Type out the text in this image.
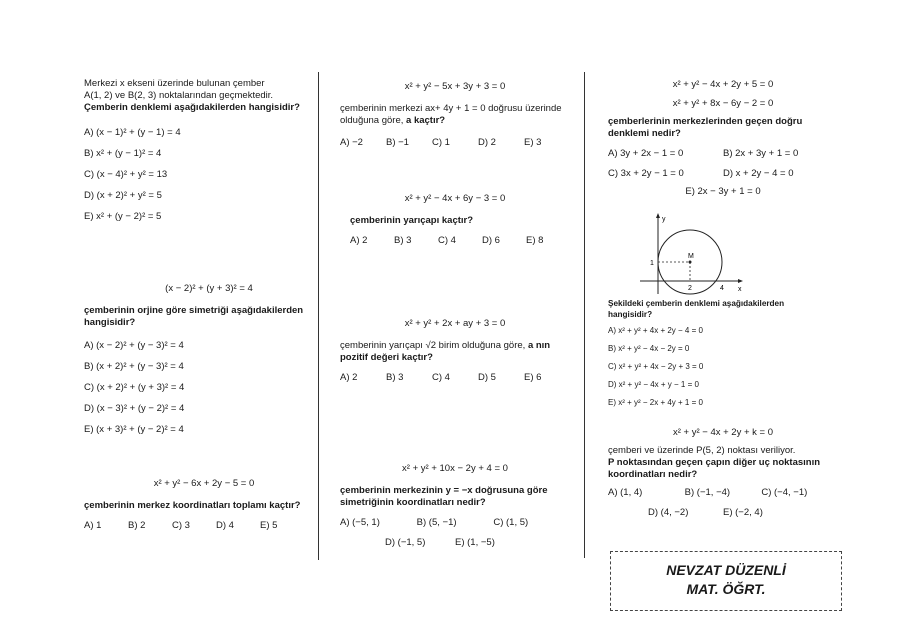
Merkezi x ekseni üzerinde bulunan çember
A(1, 2) ve B(2, 3) noktalarından geçmektedir.
Çemberin denklemi aşağıdakilerden hangisidir?
A) (x − 1)² + (y − 1) = 4
B) x² + (y − 1)² = 4
C) (x − 4)² + y² = 13
D) (x + 2)² + y² = 5
E) x² + (y − 2)² = 5
(x − 2)² + (y + 3)² = 4
çemberinin orjine göre simetriği aşağıdakilerden hangisidir?
A) (x − 2)² + (y − 3)² = 4
B) (x + 2)² + (y − 3)² = 4
C) (x + 2)² + (y + 3)² = 4
D) (x − 3)² + (y − 2)² = 4
E) (x + 3)² + (y − 2)² = 4
x² + y² − 6x + 2y − 5 = 0
çemberinin merkez koordinatları toplamı kaçtır?
A) 1	B) 2	C) 3	D) 4	E) 5
x² + y² − 5x + 3y + 3 = 0
çemberinin merkezi ax+ 4y + 1 = 0 doğrusu üzerinde olduğuna göre, a kaçtır?
A) −2	B) −1	C) 1	D) 2	E) 3
x² + y² − 4x + 6y − 3 = 0
çemberinin yarıçapı kaçtır?
A) 2	B) 3	C) 4	D) 6	E) 8
x² + y² + 2x + ay + 3 = 0
çemberinin yarıçapı √2 birim olduğuna göre, a nın pozitif değeri kaçtır?
A) 2	B) 3	C) 4	D) 5	E) 6
x² + y² + 10x − 2y + 4 = 0
çemberinin merkezinin y = −x doğrusuna göre simetriğinin koordinatları nedir?
A) (−5, 1)	B) (5, −1)	C) (1, 5)
D) (−1, 5)	E) (1, −5)
x² + y² − 4x + 2y + 5 = 0
x² + y² + 8x − 6y − 2 = 0
çemberlerinin merkezlerinden geçen doğru denklemi nedir?
A) 3y + 2x − 1 = 0	B) 2x + 3y + 1 = 0
C) 3x + 2y − 1 = 0	D) x + 2y − 4 = 0
E) 2x − 3y + 1 = 0
y
x
1
2	4
M
Şekildeki çemberin denklemi aşağıdakilerden hangisidir?
A) x² + y² + 4x + 2y − 4 = 0
B) x² + y² − 4x − 2y = 0
C) x² + y² + 4x − 2y + 3 = 0
D) x² + y² − 4x + y − 1 = 0
E) x² + y² − 2x + 4y + 1 = 0
x² + y² − 4x + 2y + k = 0
çemberi ve üzerinde P(5, 2) noktası veriliyor.
P noktasından geçen çapın diğer uç noktasının koordinatları nedir?
A) (1, 4)	B) (−1, −4)	C) (−4, −1)
D) (4, −2)	E) (−2, 4)
NEVZAT DÜZENLİ
MAT. ÖĞRT.
